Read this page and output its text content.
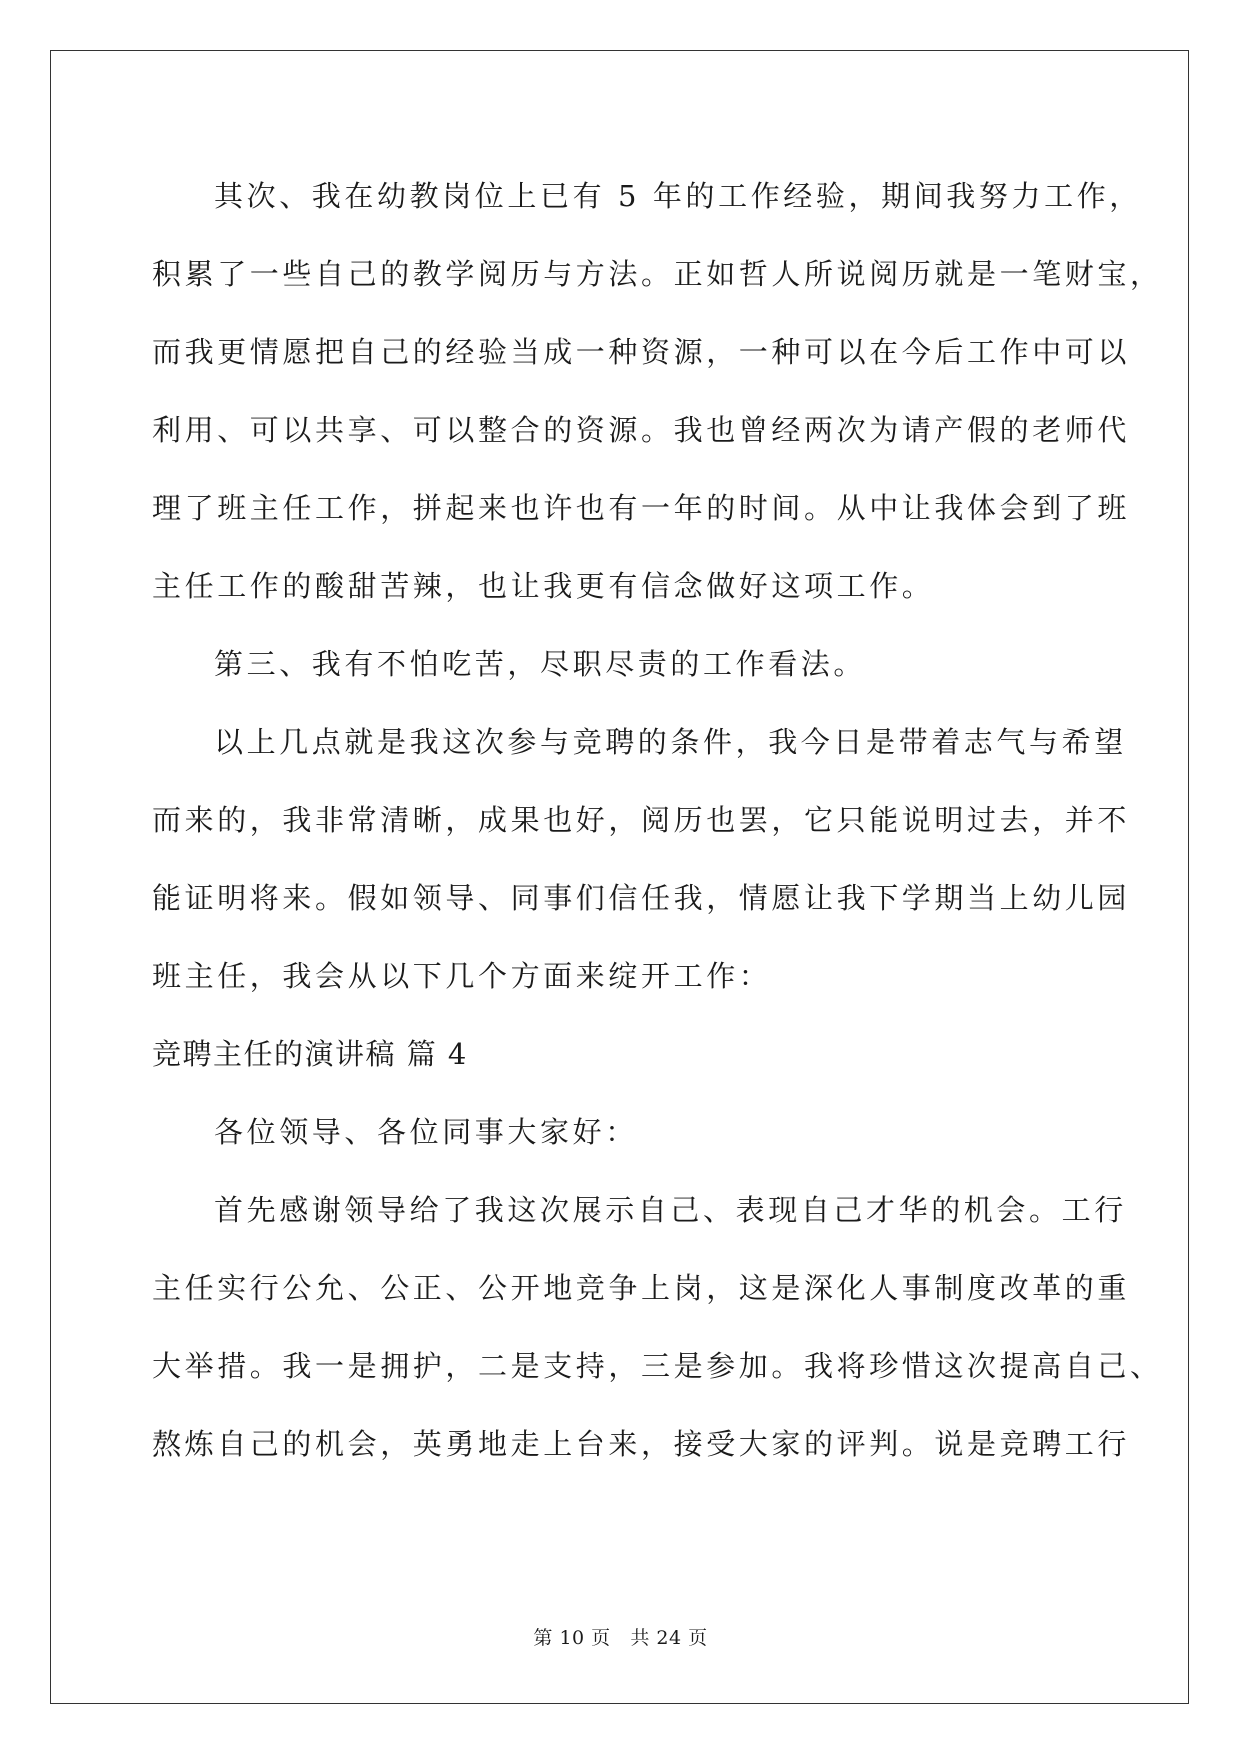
其次、我在幼教岗位上已有 5 年的工作经验，期间我努力工作，
积累了一些自己的教学阅历与方法。正如哲人所说阅历就是一笔财宝，
而我更情愿把自己的经验当成一种资源，一种可以在今后工作中可以
利用、可以共享、可以整合的资源。我也曾经两次为请产假的老师代
理了班主任工作，拼起来也许也有一年的时间。从中让我体会到了班
主任工作的酸甜苦辣，也让我更有信念做好这项工作。
第三、我有不怕吃苦，尽职尽责的工作看法。
以上几点就是我这次参与竞聘的条件，我今日是带着志气与希望
而来的，我非常清晰，成果也好，阅历也罢，它只能说明过去，并不
能证明将来。假如领导、同事们信任我，情愿让我下学期当上幼儿园
班主任，我会从以下几个方面来绽开工作：
竞聘主任的演讲稿 篇 4
各位领导、各位同事大家好：
首先感谢领导给了我这次展示自己、表现自己才华的机会。工行
主任实行公允、公正、公开地竞争上岗，这是深化人事制度改革的重
大举措。我一是拥护，二是支持，三是参加。我将珍惜这次提高自己、
熬炼自己的机会，英勇地走上台来，接受大家的评判。说是竞聘工行
第 10 页 共 24 页
